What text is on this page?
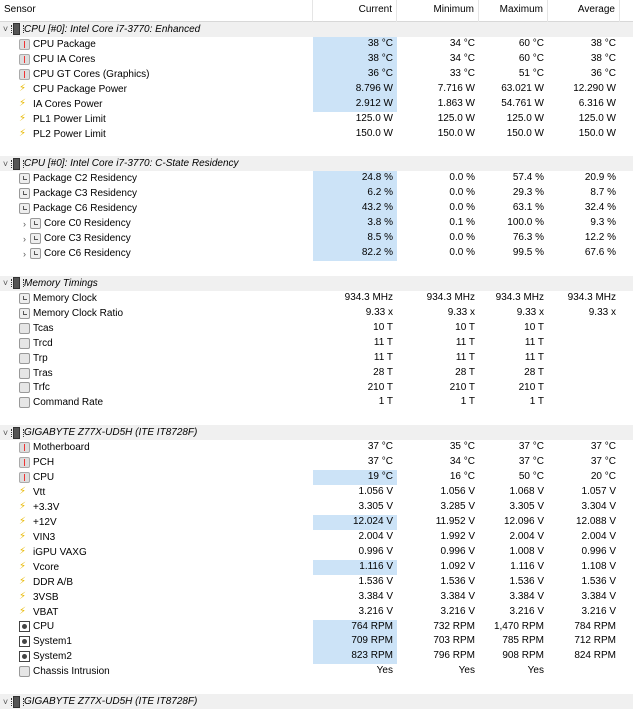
Sensor	Current	Minimum	Maximum	Average
˅ CPU [#0]: Intel Core i7-3770: Enhanced
CPU Package	38 °C	34 °C	60 °C	38 °C
CPU IA Cores	38 °C	34 °C	60 °C	38 °C
CPU GT Cores (Graphics)	36 °C	33 °C	51 °C	36 °C
⚡
CPU Package Power	8.796 W	7.716 W	63.021 W	12.290 W
⚡
IA Cores Power	2.912 W	1.863 W	54.761 W	6.316 W
⚡
PL1 Power Limit	125.0 W	125.0 W	125.0 W	125.0 W
⚡
PL2 Power Limit	150.0 W	150.0 W	150.0 W	150.0 W
˅ CPU [#0]: Intel Core i7-3770: C-State Residency
Package C2 Residency	24.8 %	0.0 %	57.4 %	20.9 %
Package C3 Residency	6.2 %	0.0 %	29.3 %	8.7 %
Package C6 Residency	43.2 %	0.0 %	63.1 %	32.4 %
›	Core C0 Residency	3.8 %	0.1 %	100.0 %	9.3 %
›	Core C3 Residency	8.5 %	0.0 %	76.3 %	12.2 %
›	Core C6 Residency	82.2 %	0.0 %	99.5 %	67.6 %
˅ Memory Timings
Memory Clock	934.3 MHz	934.3 MHz	934.3 MHz	934.3 MHz
Memory Clock Ratio	9.33 x	9.33 x	9.33 x	9.33 x
Tcas	10 T	10 T	10 T
Trcd	11 T	11 T	11 T
Trp	11 T	11 T	11 T
Tras	28 T	28 T	28 T
Trfc	210 T	210 T	210 T
Command Rate	1 T	1 T	1 T
˅ GIGABYTE Z77X-UD5H (ITE IT8728F)
Motherboard	37 °C	35 °C	37 °C	37 °C
PCH	37 °C	34 °C	37 °C	37 °C
CPU	19 °C	16 °C	50 °C	20 °C
⚡
Vtt	1.056 V	1.056 V	1.068 V	1.057 V
⚡
+3.3V	3.305 V	3.285 V	3.305 V	3.304 V
⚡
+12V	12.024 V	11.952 V	12.096 V	12.088 V
⚡
VIN3	2.004 V	1.992 V	2.004 V	2.004 V
⚡
iGPU VAXG	0.996 V	0.996 V	1.008 V	0.996 V
⚡
Vcore	1.116 V	1.092 V	1.116 V	1.108 V
⚡
DDR A/B	1.536 V	1.536 V	1.536 V	1.536 V
⚡
3VSB	3.384 V	3.384 V	3.384 V	3.384 V
⚡
VBAT	3.216 V	3.216 V	3.216 V	3.216 V
CPU	764 RPM	732 RPM	1,470 RPM	784 RPM
System1	709 RPM	703 RPM	785 RPM	712 RPM
System2	823 RPM	796 RPM	908 RPM	824 RPM
Chassis Intrusion	Yes	Yes	Yes
˅ GIGABYTE Z77X-UD5H (ITE IT8728F)
